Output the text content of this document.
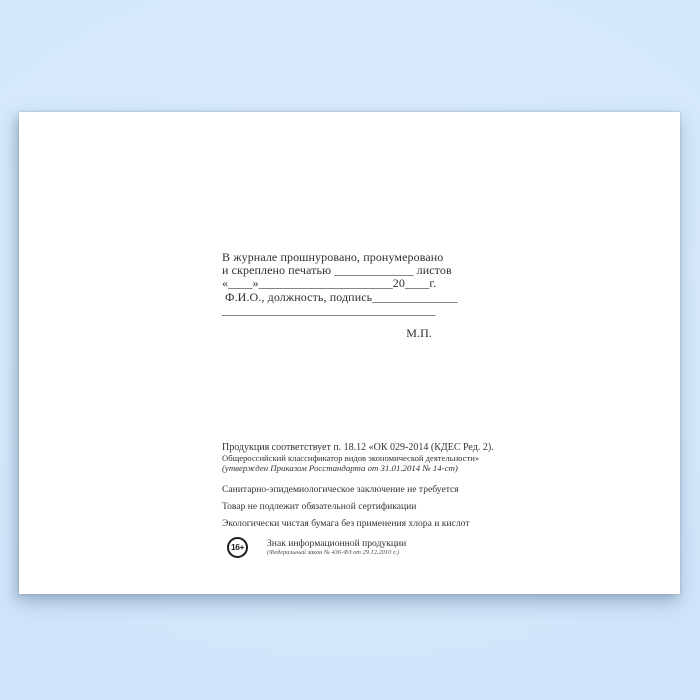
В журнале прошнуровано, пронумеровано
и скреплено печатью _____________ листов
«____»______________________20____г.
Ф.И.О., должность, подпись______________
___________________________________
М.П.
Продукция соответствует п. 18.12 «ОК 029-2014 (КДЕС Ред. 2).
Общероссийский классификатор видов экономической деятельности»
(утвержден Приказом Росстандарта от 31.01.2014 № 14-ст)
Санитарно-эпидемиологическое заключение не требуется
Товар не подлежит обязательной сертификации
Экологически чистая бумага без применения хлора и кислот
16+	Знак информационной продукции
(Федеральный закон № 436-ФЗ от 29.12.2010 г.)
